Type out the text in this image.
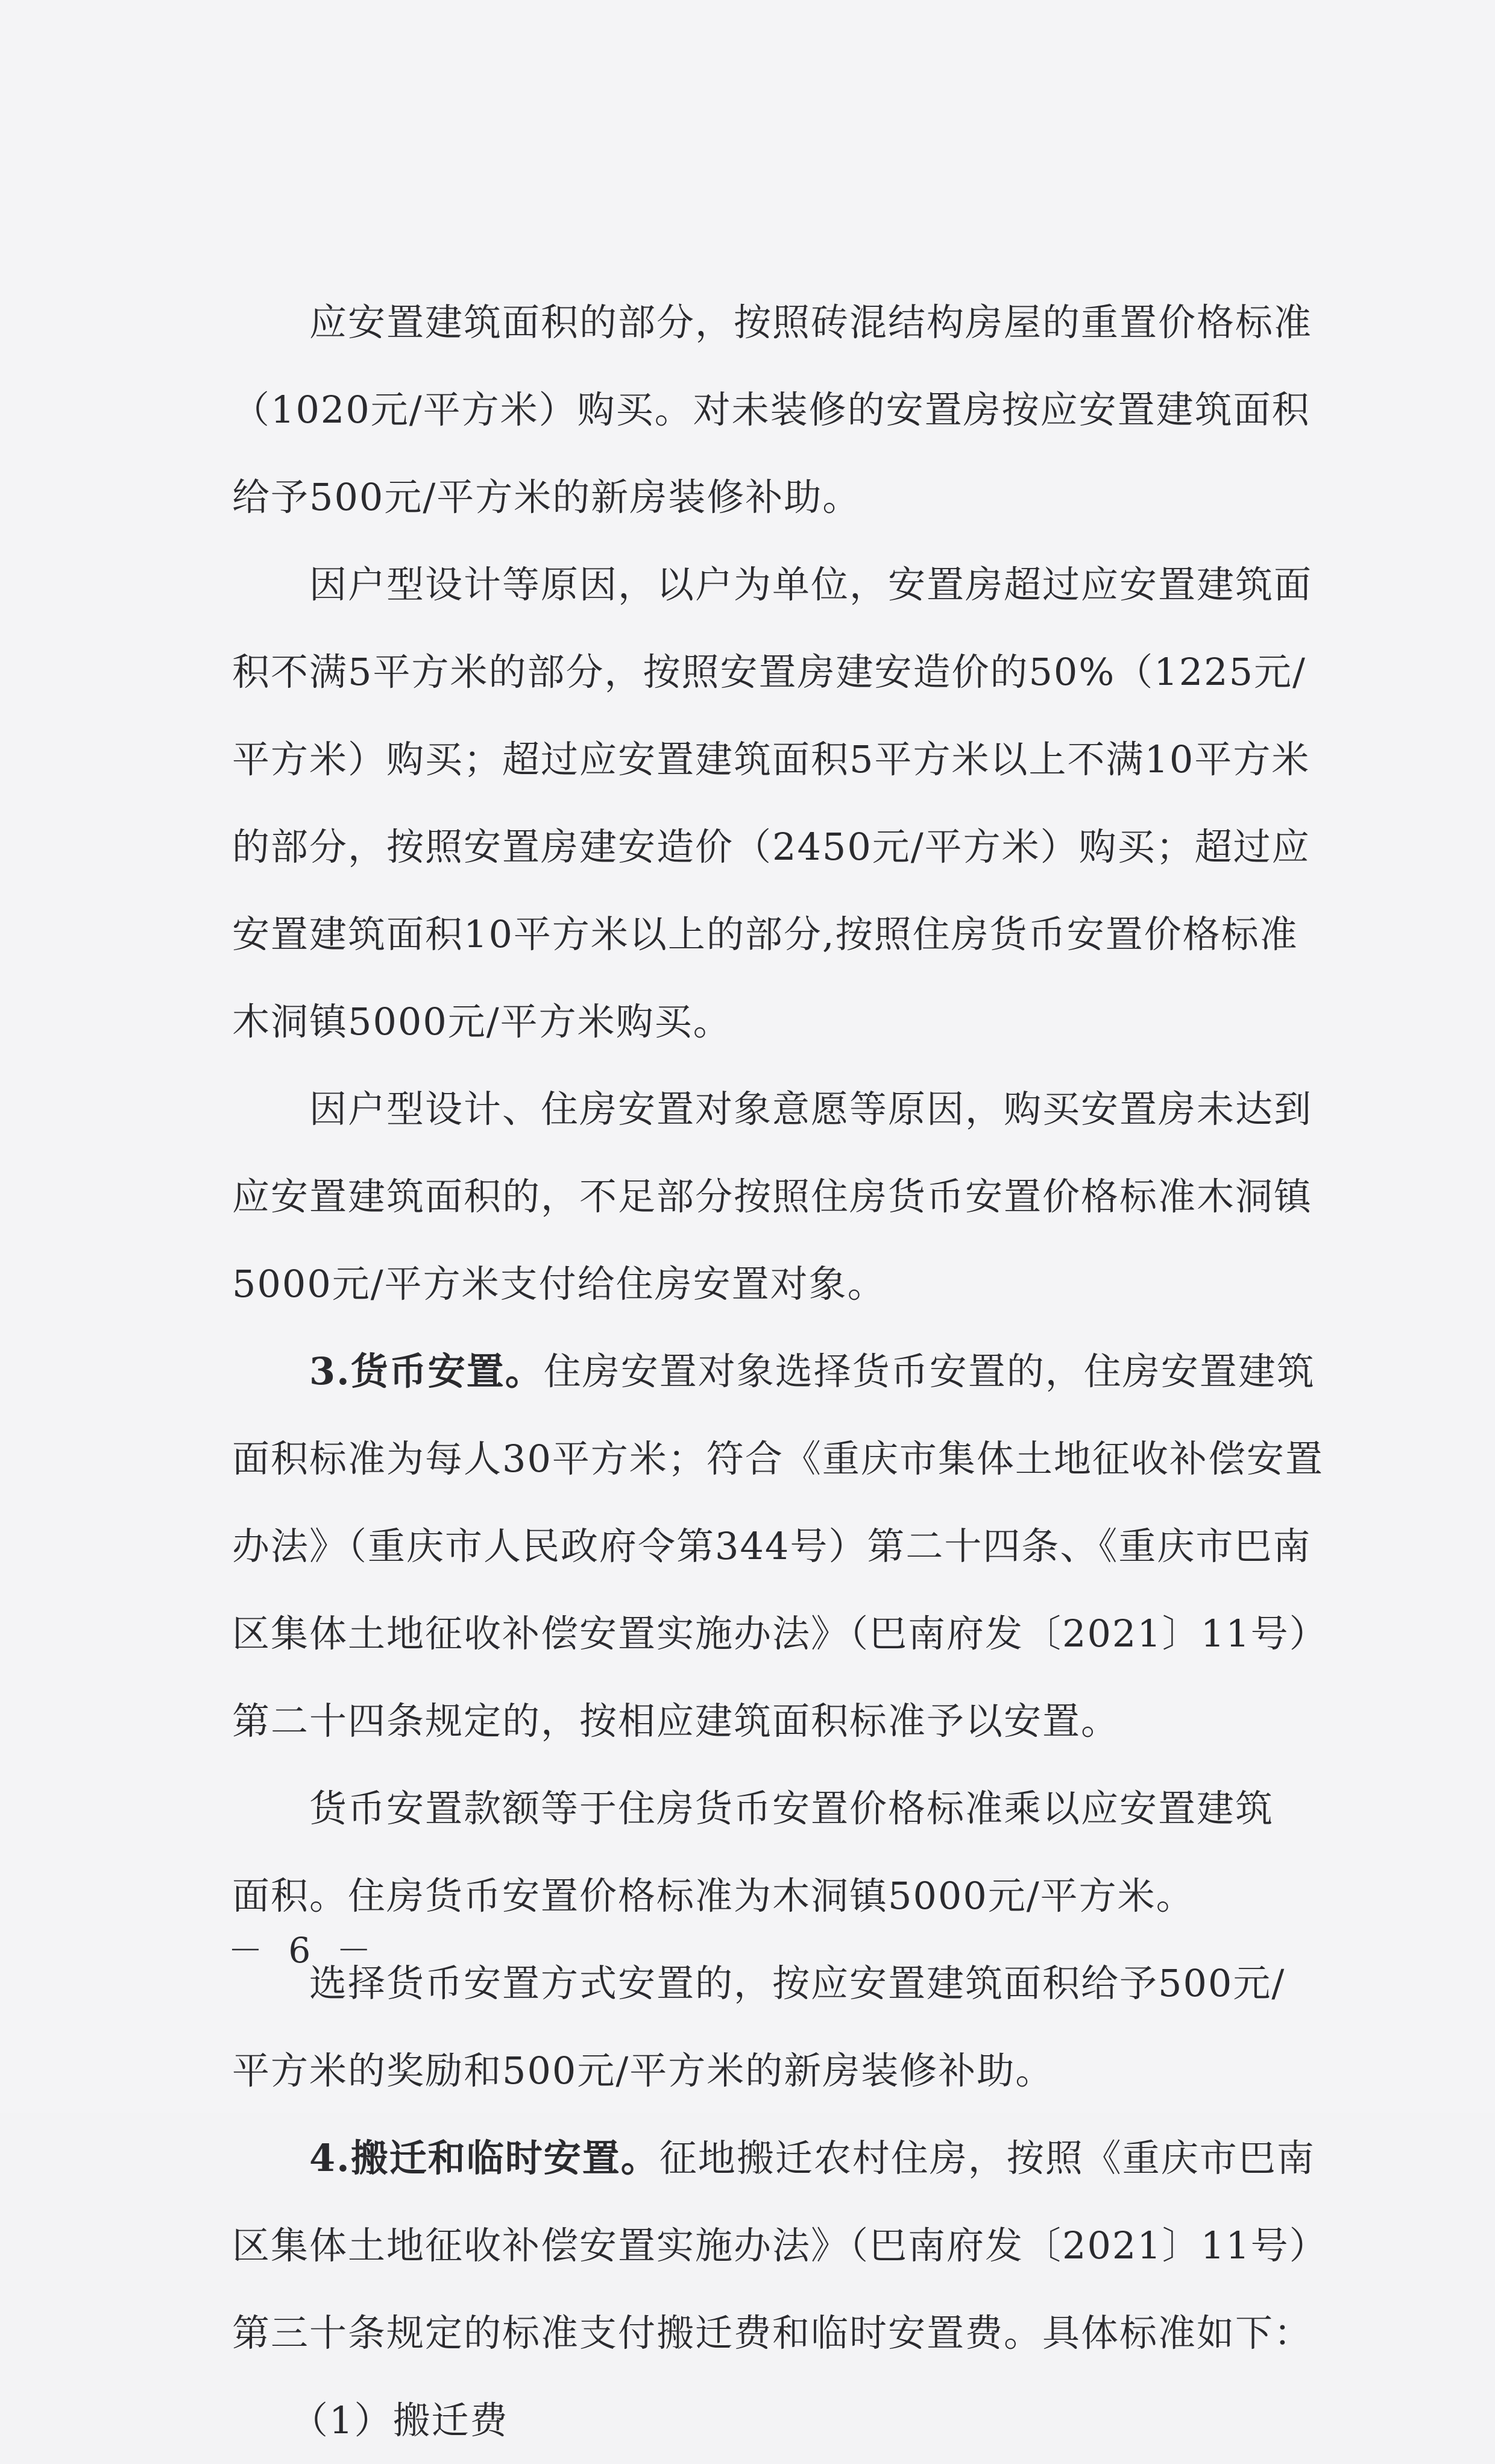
　　应安置建筑面积的部分，按照砖混结构房屋的重置价格标准
（1020元/平方米）购买。对未装修的安置房按应安置建筑面积
给予500元/平方米的新房装修补助。
　　因户型设计等原因，以户为单位，安置房超过应安置建筑面
积不满5平方米的部分，按照安置房建安造价的50%（1225元/
平方米）购买；超过应安置建筑面积5平方米以上不满10平方米
的部分，按照安置房建安造价（2450元/平方米）购买；超过应
安置建筑面积10平方米以上的部分,按照住房货币安置价格标准
木洞镇5000元/平方米购买。
　　因户型设计、住房安置对象意愿等原因，购买安置房未达到
应安置建筑面积的，不足部分按照住房货币安置价格标准木洞镇
5000元/平方米支付给住房安置对象。
　　3.货币安置。住房安置对象选择货币安置的，住房安置建筑
面积标准为每人30平方米；符合《重庆市集体土地征收补偿安置
办法》（重庆市人民政府令第344号）第二十四条、《重庆市巴南
区集体土地征收补偿安置实施办法》（巴南府发〔2021〕11号）
第二十四条规定的，按相应建筑面积标准予以安置。
　　货币安置款额等于住房货币安置价格标准乘以应安置建筑
面积。住房货币安置价格标准为木洞镇5000元/平方米。
　　选择货币安置方式安置的，按应安置建筑面积给予500元/
平方米的奖励和500元/平方米的新房装修补助。
　　4.搬迁和临时安置。征地搬迁农村住房，按照《重庆市巴南
区集体土地征收补偿安置实施办法》（巴南府发〔2021〕11号）
第三十条规定的标准支付搬迁费和临时安置费。具体标准如下：
　　（1）搬迁费
－ 6 －
